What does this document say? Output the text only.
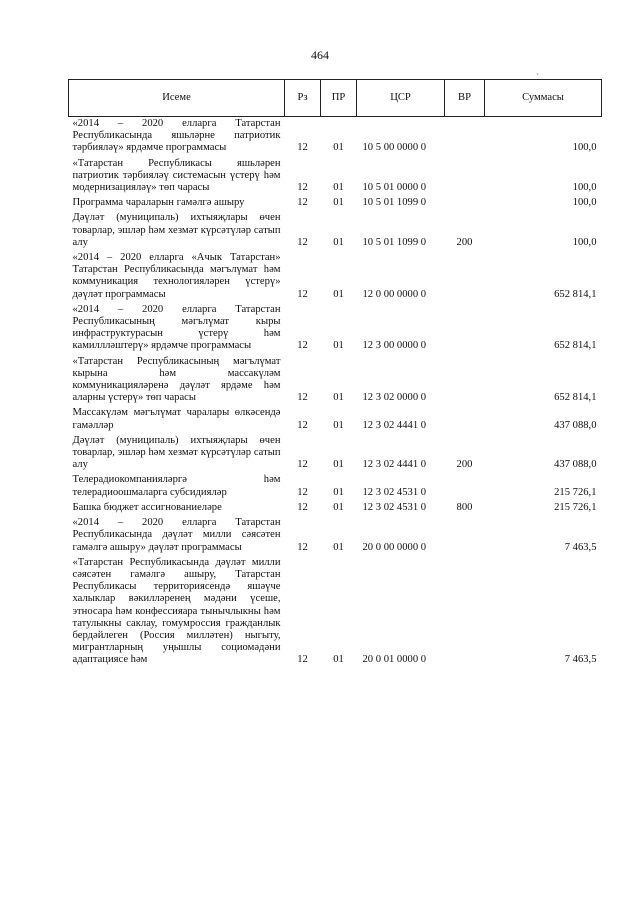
464
`
Исеме	Рз	ПР	ЦСР	ВР	Суммасы
«2014 – 2020 елларга Татарстан Республикасында яшьләрне патриотик тәрбияләү» ярдәмче программасы	12	01	10 5 00 0000 0		100,0
«Татарстан Республикасы яшьләрен патриотик тәрбияләү системасын үстерү һәм модернизацияләү» төп чарасы	12	01	10 5 01 0000 0		100,0
Программа чараларын гамәлгә ашыру	12	01	10 5 01 1099 0		100,0
Дәүләт (муниципаль) ихтыяҗлары өчен товарлар, эшләр һәм хезмәт күрсәтүләр сатып алу	12	01	10 5 01 1099 0	200	100,0
«2014 – 2020 елларга «Ачык Татарстан» Татарстан Республикасында мәгълүмат һәм коммуникация технологияләрен үстерү» дәүләт программасы	12	01	12 0 00 0000 0		652 814,1
«2014 – 2020 елларга Татарстан Республикасының мәгълүмат кыры инфраструктурасын үстерү һәм камиллләштерү» ярдәмче программасы	12	01	12 3 00 0000 0		652 814,1
«Татарстан Республикасының мәгълүмат кырына һәм массакүләм коммуникацияләренә дәүләт ярдәме һәм аларны үстерү» төп чарасы	12	01	12 3 02 0000 0		652 814,1
Массакүләм мәгълүмат чаралары өлкәсендә гамәлләр	12	01	12 3 02 4441 0		437 088,0
Дәүләт (муниципаль) ихтыяҗлары өчен товарлар, эшләр һәм хезмәт күрсәтүләр сатып алу	12	01	12 3 02 4441 0	200	437 088,0
Телерадиокомпанияләргә һәм телерадиоошмаларга субсидияләр	12	01	12 3 02 4531 0		215 726,1
Башка бюджет ассигнованиеләре	12	01	12 3 02 4531 0	800	215 726,1
«2014 – 2020 елларга Татарстан Республикасында дәүләт милли сәясәтен гамәлгә ашыру» дәүләт программасы	12	01	20 0 00 0000 0		7 463,5
«Татарстан Республикасында дәүләт милли сәясәтен гамәлгә ашыру, Татарстан Республикасы территориясендә яшәүче халыклар вәкилләренең мәдәни үсеше, этносара һәм конфессияара тынычлыкны һәм татулыкны саклау, гомумроссия гражданлык бердәйлеген (Россия милләтен) ныгыту, мигрантларның уңышлы социомәдәни адаптациясе һәм	12	01	20 0 01 0000 0		7 463,5
